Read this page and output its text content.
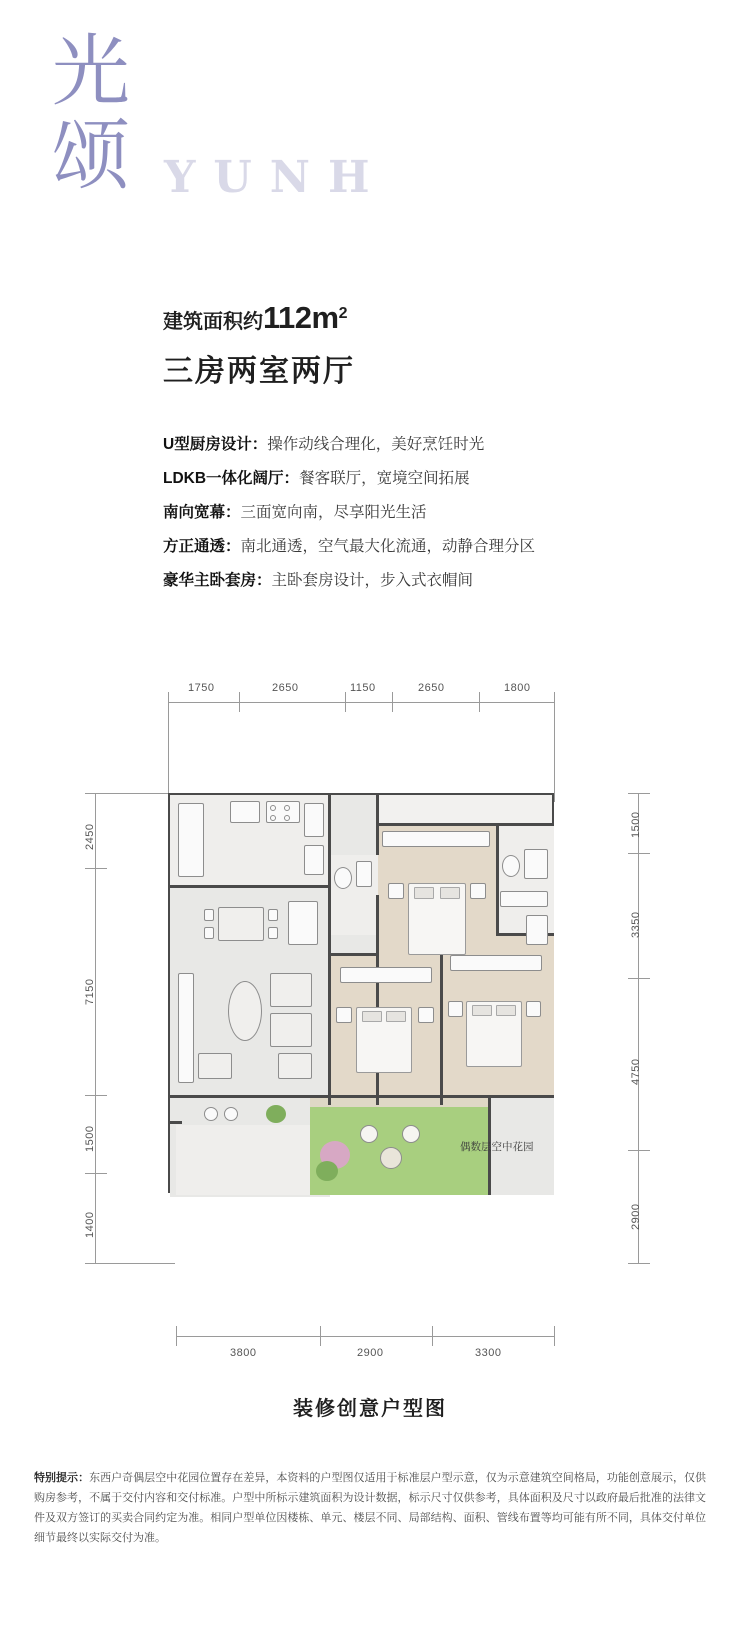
光
颂 YUNH
建筑面积约 112m 2
三房两室两厅
U型厨房设计：操作动线合理化，美好烹饪时光
LDKB一体化阔厅：餐客联厅，宽境空间拓展
南向宽幕：三面宽向南，尽享阳光生活
方正通透：南北通透，空气最大化流通，动静合理分区
豪华主卧套房：主卧套房设计，步入式衣帽间
1750	2650	1150	2650	1800
2450
7150
1500
1400
1500
3350
4750
2900
3800	2900	3300
偶数层空中花园
装修创意户型图
特别提示：东西户奇偶层空中花园位置存在差异，本资料的户型图仅适用于标准层户型示意，仅为示意建筑空间格局，功能创意展示，仅供购房参考，不属于交付内容和交付标准。户型中所标示建筑面积为设计数据，标示尺寸仅供参考，具体面积及尺寸以政府最后批准的法律文件及双方签订的买卖合同约定为准。相同户型单位因楼栋、单元、楼层不同、局部结构、面积、管线布置等均可能有所不同，具体交付单位细节最终以实际交付为准。
